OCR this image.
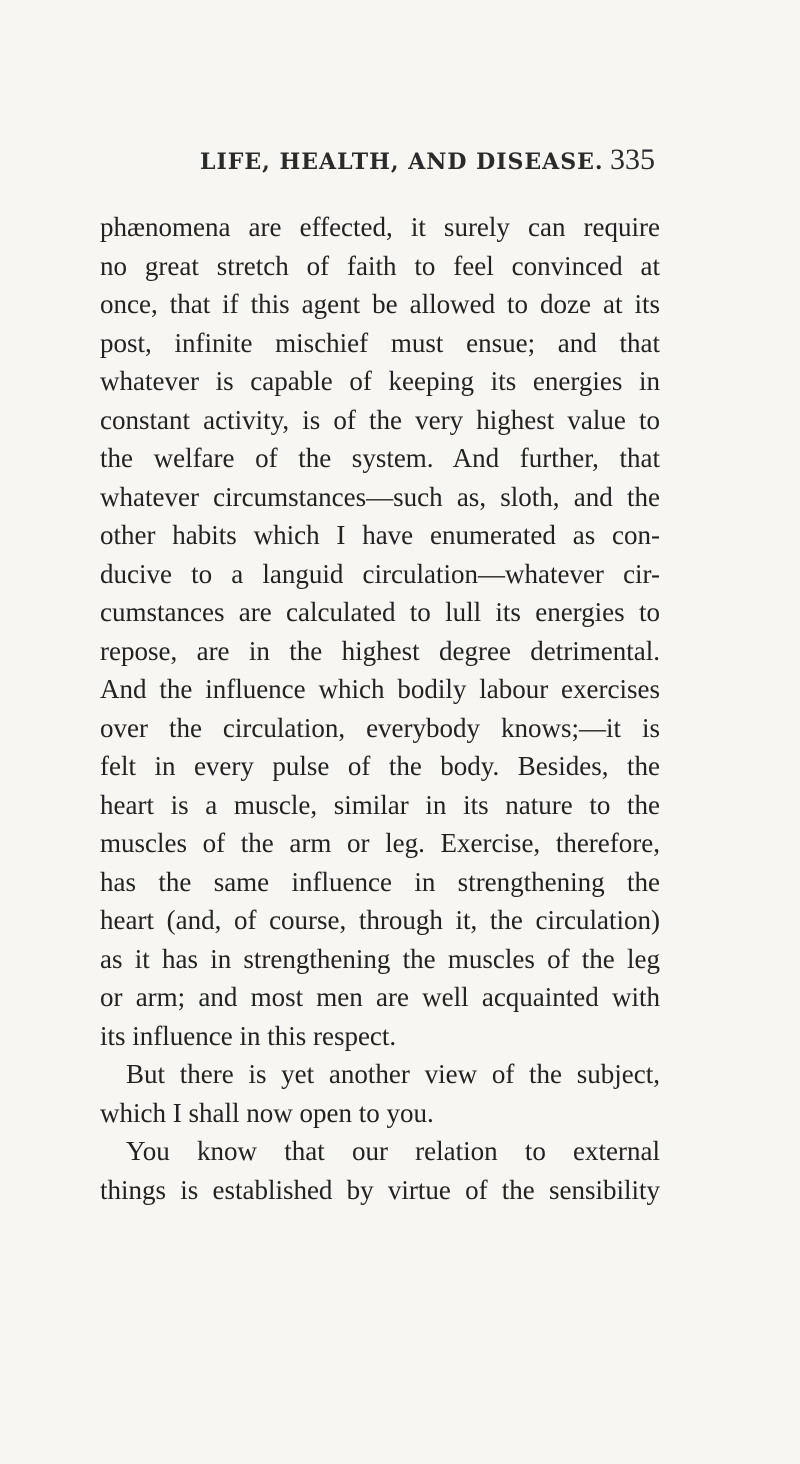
LIFE, HEALTH, AND DISEASE. 335
phænomena are effected, it surely can require
no great stretch of faith to feel convinced at
once, that if this agent be allowed to doze at its
post, infinite mischief must ensue; and that
whatever is capable of keeping its energies in
constant activity, is of the very highest value to
the welfare of the system. And further, that
whatever circumstances—such as, sloth, and the
other habits which I have enumerated as con-
ducive to a languid circulation—whatever cir-
cumstances are calculated to lull its energies to
repose, are in the highest degree detrimental.
And the influence which bodily labour exercises
over the circulation, everybody knows;—it is
felt in every pulse of the body. Besides, the
heart is a muscle, similar in its nature to the
muscles of the arm or leg. Exercise, therefore,
has the same influence in strengthening the
heart (and, of course, through it, the circulation)
as it has in strengthening the muscles of the leg
or arm; and most men are well acquainted with
its influence in this respect.
But there is yet another view of the subject,
which I shall now open to you.
You know that our relation to external
things is established by virtue of the sensibility
